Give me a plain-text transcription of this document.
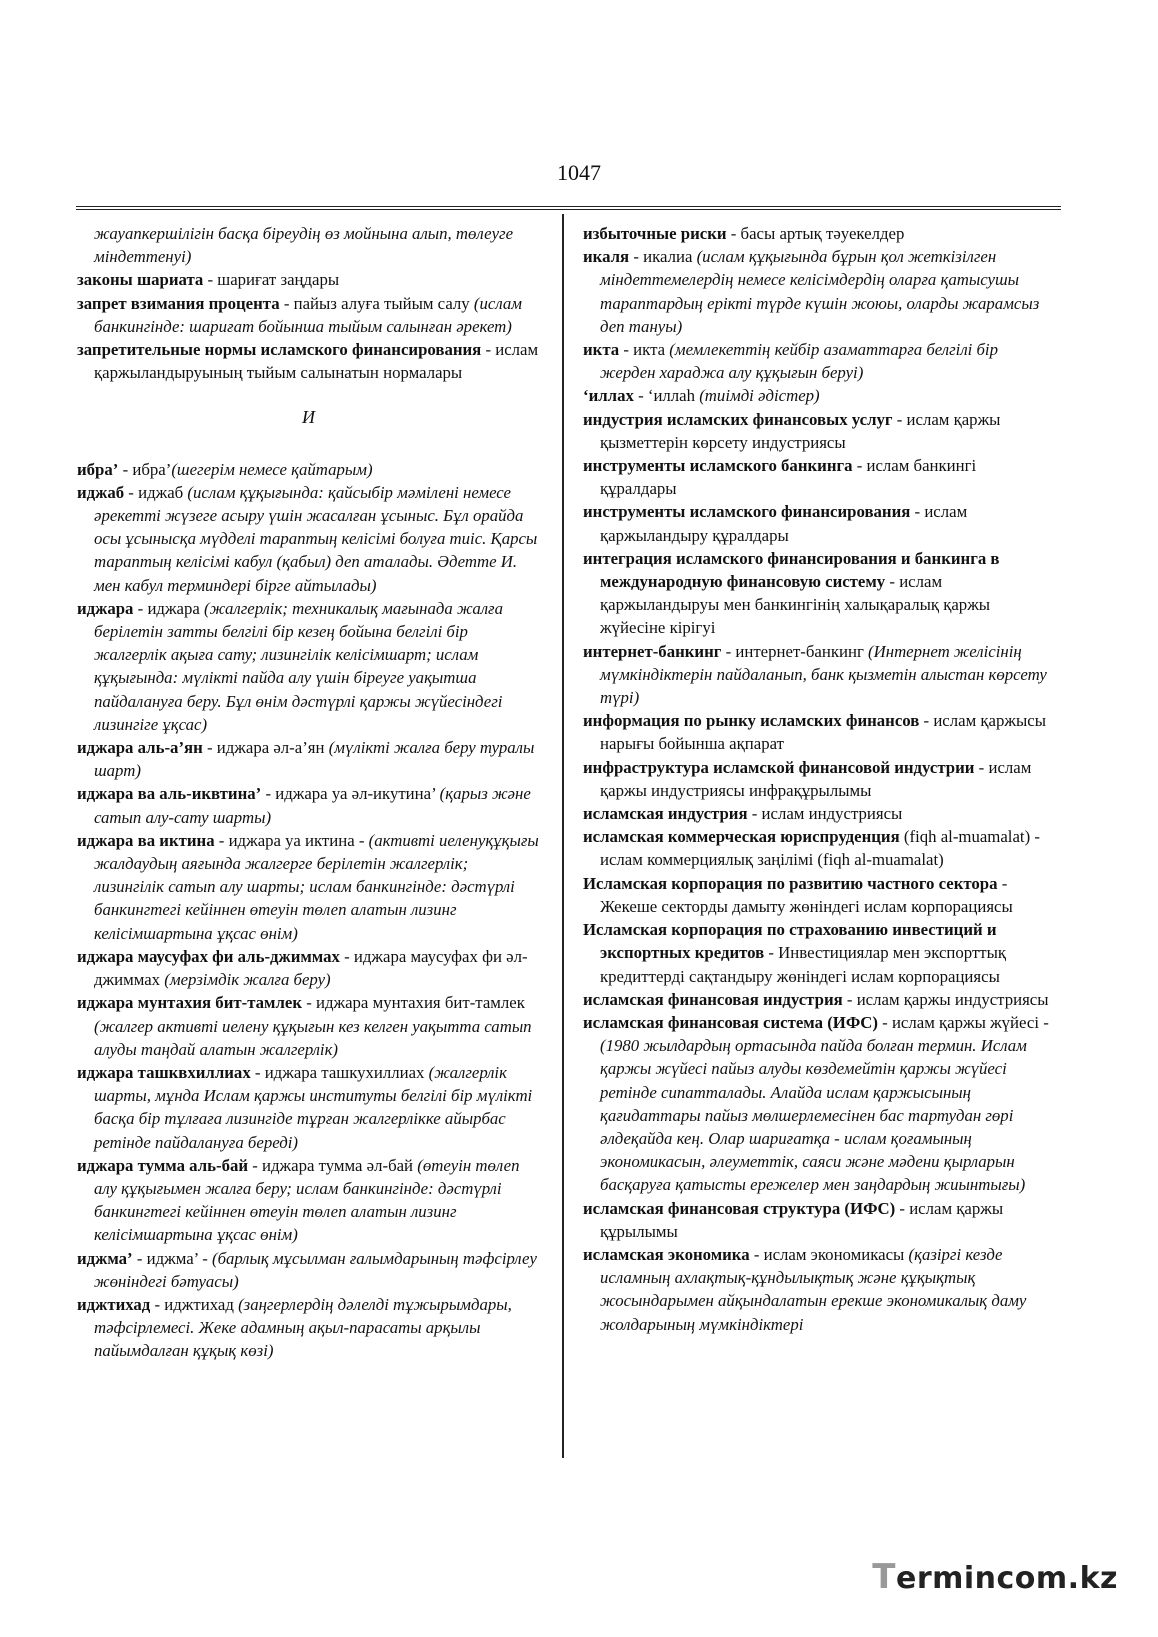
1047

жауапкершілігін басқа біреудің өз мойнына алып, төлеуге міндеттенуі)

законы шариата - шариғат заңдары

запрет взимания процента - пайыз алуға тыйым салу (ислам банкингінде: шариғат бойынша тыйым салынған әрекет)

запретительные нормы исламского финансирования - ислам қаржыландыруының тыйым салынатын нормалары

И

ибра’ - ибра’(шегерім немесе қайтарым)

иджаб - иджаб (ислам құқығында: қайсыбір мәмілені немесе әрекетті жүзеге асыру үшін жасалған ұсыныс. Бұл орайда осы ұсынысқа мүдделі тараптың келісімі болуға тиіс. Қарсы тараптың келісімі кабул (қабыл) деп аталады. Әдетте И. мен кабул терминдері бірге айтылады)

иджара - иджара (жалгерлік; техникалық мағынада жалға берілетін затты белгілі бір кезең бойына белгілі бір жалгерлік ақыға сату; лизингілік келісімшарт; ислам құқығында: мүлікті пайда алу үшін біреуге уақытша пайдалануға беру. Бұл өнім дәстүрлі қаржы жүйесіндегі лизингіге ұқсас)

иджара аль-а’ян - иджара әл-а’ян (мүлікті жалға беру туралы шарт)

иджара ва аль-иквтина’ - иджара уа әл-икутина’ (қарыз және сатып алу-сату шарты)

иджара ва иктина - иджара уа иктина - (активті иеленуқұқығы жалдаудың аяғында жалгерге берілетін жалгерлік; лизингілік сатып алу шарты; ислам банкингінде: дәстүрлі банкингтегі кейіннен өтеуін төлеп алатын лизинг келісімшартына ұқсас өнім)

иджара маусуфах фи аль-джиммах - иджара маусуфах фи әл-джиммах (мерзімдік жалға беру)

иджара мунтахия бит-тамлек - иджара мунтахия бит-тамлек (жалгер активті иелену құқығын кез келген уақытта сатып алуды таңдай алатын жалгерлік)

иджара ташквхиллиах - иджара ташкухиллиах (жалгерлік шарты, мұнда Ислам қаржы институты белгілі бір мүлікті басқа бір тұлғаға лизингіде тұрған жалгерлікке айырбас ретінде пайдалануға береді)

иджара тумма аль-бай - иджара тумма әл-бай (өтеуін төлеп алу құқығымен жалға беру; ислам банкингінде: дәстүрлі банкингтегі кейіннен өтеуін төлеп алатын лизинг келісімшартына ұқсас өнім)

иджма’ - иджма’ - (барлық мұсылман ғалымдарының тәфсірлеу жөніндегі бәтуасы)

иджтихад - иджтихад (заңгерлердің дәлелді тұжырымдары, тәфсірлемесі. Жеке адамның ақыл-парасаты арқылы пайымдалған құқық көзі)

избыточные риски - басы артық тәуекелдер

икаля - икалиа (ислам құқығында бұрын қол жеткізілген міндеттемелердің немесе келісімдердің оларға қатысушы тараптардың ерікті түрде күшін жоюы, оларды жарамсыз деп тануы)

икта - икта (мемлекеттің кейбір азаматтарға белгілі бір жерден хараджа алу құқығын беруі)

‘иллах - ‘иллаh (тиімді әдістер)

индустрия исламских финансовых услуг - ислам қаржы қызметтерін көрсету индустриясы

инструменты исламского банкинга - ислам банкингі құралдары

инструменты исламского финансирования - ислам қаржыландыру құралдары

интеграция исламского финансирования и банкинга в международную финансовую систему - ислам қаржыландыруы мен банкингінің халықаралық қаржы жүйесіне кірігуі

интернет-банкинг - интернет-банкинг (Интернет желісінің мүмкіндіктерін пайдаланып, банк қызметін алыстан көрсету түрі)

информация по рынку исламских финансов - ислам қаржысы нарығы бойынша ақпарат

инфраструктура исламской финансовой индустрии - ислам қаржы индустриясы инфрақұрылымы

исламская индустрия - ислам индустриясы

исламская коммерческая юриспруденция (fiqh al-muamalat) - ислам коммерциялық заңілімі (fiqh al-muamalat)

Исламская корпорация по развитию частного сектора - Жекеше секторды дамыту жөніндегі ислам корпорациясы

Исламская корпорация по страхованию инвестиций и экспортных кредитов - Инвестициялар мен экспорттық кредиттерді сақтандыру жөніндегі ислам корпорациясы

исламская финансовая индустрия - ислам қаржы индустриясы

исламская финансовая система (ИФС) - ислам қаржы жүйесі - (1980 жылдардың ортасында пайда болған термин. Ислам қаржы жүйесі пайыз алуды көздемейтін қаржы жүйесі ретінде сипатталады. Алайда ислам қаржысының қағидаттары пайыз мөлшерлемесінен бас тартудан гөрі әлдеқайда кең. Олар шариғатқа - ислам қоғамының экономикасын, әлеуметтік, саяси және мәдени қырларын басқаруға қатысты ережелер мен заңдардың жиынтығы)

исламская финансовая структура (ИФС) - ислам қаржы құрылымы

исламская экономика - ислам экономикасы (қазіргі кезде исламның ахлақтық-құндылықтық және құқықтық жосындарымен айқындалатын ерекше экономикалық даму жолдарының мүмкіндіктері

Termincom.kz
